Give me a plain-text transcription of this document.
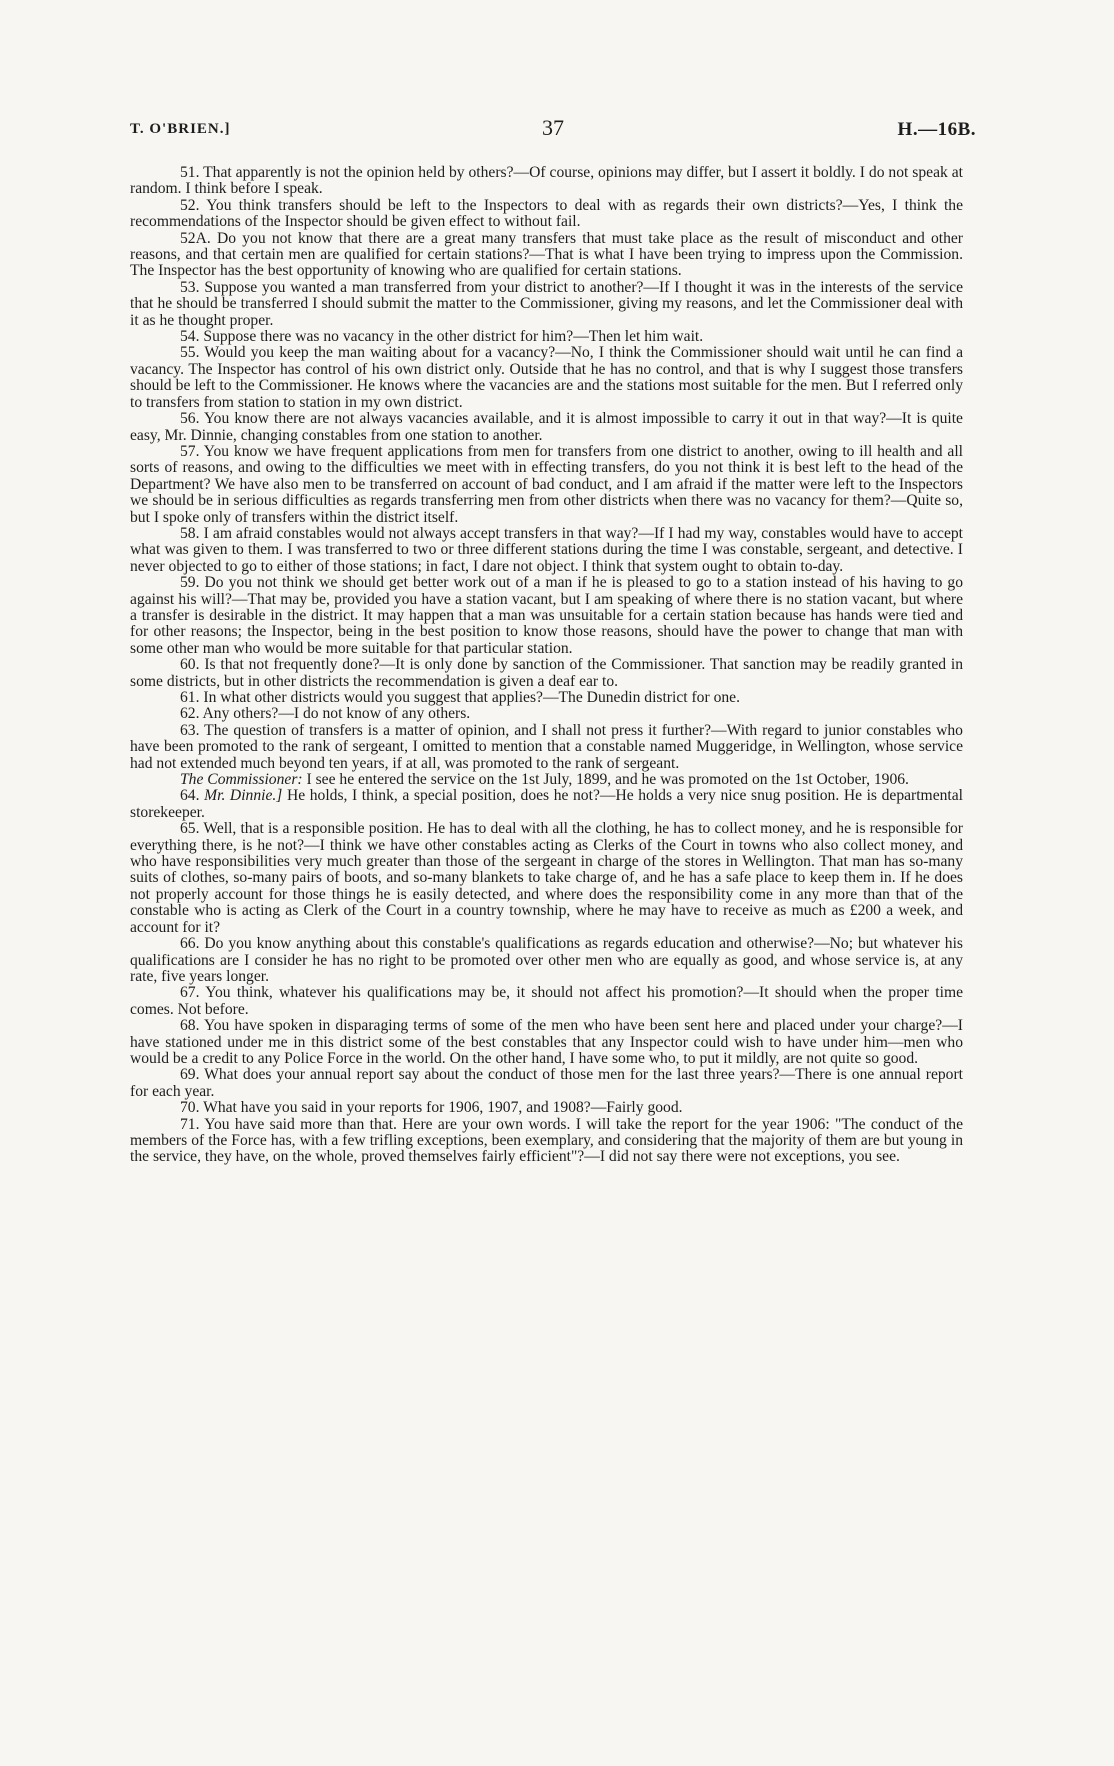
T. O'BRIEN.]	37	H.—16B.

51. That apparently is not the opinion held by others?—Of course, opinions may differ, but I assert it boldly. I do not speak at random. I think before I speak.

52. You think transfers should be left to the Inspectors to deal with as regards their own districts?—Yes, I think the recommendations of the Inspector should be given effect to without fail.

52A. Do you not know that there are a great many transfers that must take place as the result of misconduct and other reasons, and that certain men are qualified for certain stations?—That is what I have been trying to impress upon the Commission. The Inspector has the best opportunity of knowing who are qualified for certain stations.

53. Suppose you wanted a man transferred from your district to another?—If I thought it was in the interests of the service that he should be transferred I should submit the matter to the Commissioner, giving my reasons, and let the Commissioner deal with it as he thought proper.

54. Suppose there was no vacancy in the other district for him?—Then let him wait.

55. Would you keep the man waiting about for a vacancy?—No, I think the Commissioner should wait until he can find a vacancy. The Inspector has control of his own district only. Outside that he has no control, and that is why I suggest those transfers should be left to the Commissioner. He knows where the vacancies are and the stations most suitable for the men. But I referred only to transfers from station to station in my own district.

56. You know there are not always vacancies available, and it is almost impossible to carry it out in that way?—It is quite easy, Mr. Dinnie, changing constables from one station to another.

57. You know we have frequent applications from men for transfers from one district to another, owing to ill health and all sorts of reasons, and owing to the difficulties we meet with in effecting transfers, do you not think it is best left to the head of the Department? We have also men to be transferred on account of bad conduct, and I am afraid if the matter were left to the Inspectors we should be in serious difficulties as regards transferring men from other districts when there was no vacancy for them?—Quite so, but I spoke only of transfers within the district itself.

58. I am afraid constables would not always accept transfers in that way?—If I had my way, constables would have to accept what was given to them. I was transferred to two or three different stations during the time I was constable, sergeant, and detective. I never objected to go to either of those stations; in fact, I dare not object. I think that system ought to obtain to-day.

59. Do you not think we should get better work out of a man if he is pleased to go to a station instead of his having to go against his will?—That may be, provided you have a station vacant, but I am speaking of where there is no station vacant, but where a transfer is desirable in the district. It may happen that a man was unsuitable for a certain station because has hands were tied and for other reasons; the Inspector, being in the best position to know those reasons, should have the power to change that man with some other man who would be more suitable for that particular station.

60. Is that not frequently done?—It is only done by sanction of the Commissioner. That sanction may be readily granted in some districts, but in other districts the recommendation is given a deaf ear to.

61. In what other districts would you suggest that applies?—The Dunedin district for one.

62. Any others?—I do not know of any others.

63. The question of transfers is a matter of opinion, and I shall not press it further?—With regard to junior constables who have been promoted to the rank of sergeant, I omitted to mention that a constable named Muggeridge, in Wellington, whose service had not extended much beyond ten years, if at all, was promoted to the rank of sergeant.

The Commissioner: I see he entered the service on the 1st July, 1899, and he was promoted on the 1st October, 1906.

64. Mr. Dinnie.] He holds, I think, a special position, does he not?—He holds a very nice snug position. He is departmental storekeeper.

65. Well, that is a responsible position. He has to deal with all the clothing, he has to collect money, and he is responsible for everything there, is he not?—I think we have other constables acting as Clerks of the Court in towns who also collect money, and who have responsibilities very much greater than those of the sergeant in charge of the stores in Wellington. That man has so-many suits of clothes, so-many pairs of boots, and so-many blankets to take charge of, and he has a safe place to keep them in. If he does not properly account for those things he is easily detected, and where does the responsibility come in any more than that of the constable who is acting as Clerk of the Court in a country township, where he may have to receive as much as £200 a week, and account for it?

66. Do you know anything about this constable's qualifications as regards education and otherwise?—No; but whatever his qualifications are I consider he has no right to be promoted over other men who are equally as good, and whose service is, at any rate, five years longer.

67. You think, whatever his qualifications may be, it should not affect his promotion?—It should when the proper time comes. Not before.

68. You have spoken in disparaging terms of some of the men who have been sent here and placed under your charge?—I have stationed under me in this district some of the best constables that any Inspector could wish to have under him—men who would be a credit to any Police Force in the world. On the other hand, I have some who, to put it mildly, are not quite so good.

69. What does your annual report say about the conduct of those men for the last three years?—There is one annual report for each year.

70. What have you said in your reports for 1906, 1907, and 1908?—Fairly good.

71. You have said more than that. Here are your own words. I will take the report for the year 1906: "The conduct of the members of the Force has, with a few trifling exceptions, been exemplary, and considering that the majority of them are but young in the service, they have, on the whole, proved themselves fairly efficient"?—I did not say there were not exceptions, you see.
